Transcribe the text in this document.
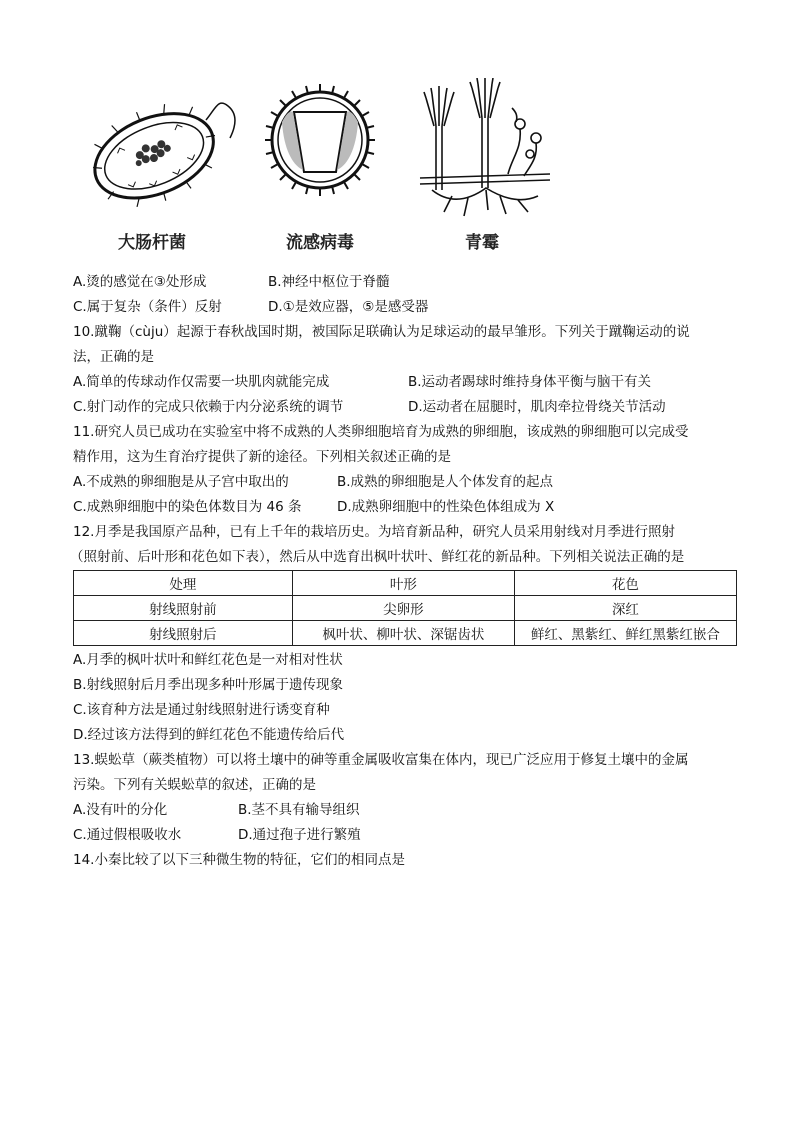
大肠杆菌	流感病毒	青霉
A.烫的感觉在③处形成	B.神经中枢位于脊髓
C.属于复杂（条件）反射	D.①是效应器，⑤是感受器
10.蹴鞠（cùju）起源于春秋战国时期，被国际足联确认为足球运动的最早雏形。下列关于蹴鞠运动的说
法，正确的是
A.简单的传球动作仅需要一块肌肉就能完成	B.运动者踢球时维持身体平衡与脑干有关
C.射门动作的完成只依赖于内分泌系统的调节	D.运动者在屈腿时，肌肉牵拉骨绕关节活动
11.研究人员已成功在实验室中将不成熟的人类卵细胞培育为成熟的卵细胞，该成熟的卵细胞可以完成受
精作用，这为生育治疗提供了新的途径。下列相关叙述正确的是
A.不成熟的卵细胞是从子宫中取出的	B.成熟的卵细胞是人个体发育的起点
C.成熟卵细胞中的染色体数目为 46 条	D.成熟卵细胞中的性染色体组成为 X
12.月季是我国原产品种，已有上千年的栽培历史。为培育新品种，研究人员采用射线对月季进行照射
（照射前、后叶形和花色如下表），然后从中选育出枫叶状叶、鲜红花的新品种。下列相关说法正确的是
处理	叶形	花色
射线照射前	尖卵形	深红
射线照射后	枫叶状、柳叶状、深锯齿状	鲜红、黑紫红、鲜红黑紫红嵌合
A.月季的枫叶状叶和鲜红花色是一对相对性状
B.射线照射后月季出现多种叶形属于遗传现象
C.该育种方法是通过射线照射进行诱变育种
D.经过该方法得到的鲜红花色不能遗传给后代
13.蜈蚣草（蕨类植物）可以将土壤中的砷等重金属吸收富集在体内，现已广泛应用于修复土壤中的金属
污染。下列有关蜈蚣草的叙述，正确的是
A.没有叶的分化	B.茎不具有输导组织
C.通过假根吸收水	D.通过孢子进行繁殖
14.小秦比较了以下三种微生物的特征，它们的相同点是
